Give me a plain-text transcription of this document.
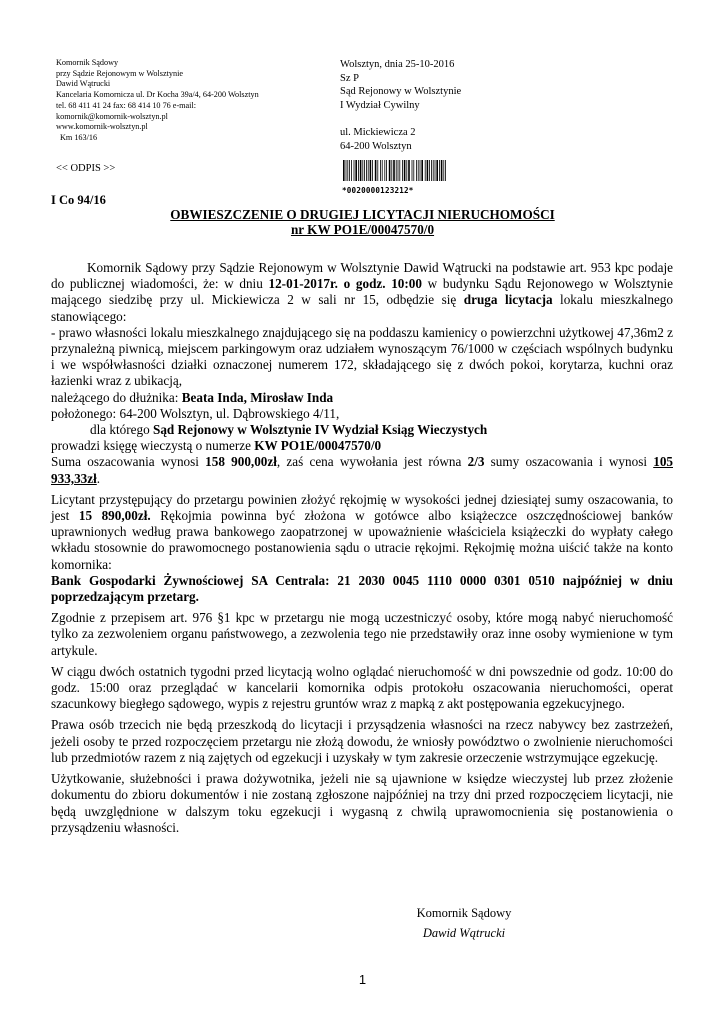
Komornik Sądowy
przy Sądzie Rejonowym w Wolsztynie
Dawid Wątrucki
Kancelaria Komornicza ul. Dr Kocha 39a/4, 64-200 Wolsztyn
tel. 68 411 41 24 fax: 68 414 10 76 e-mail:
komornik@komornik-wolsztyn.pl
www.komornik-wolsztyn.pl
Km 163/16
<< ODPIS >>
Wolsztyn, dnia 25-10-2016
Sz P
Sąd Rejonowy w Wolsztynie
I Wydział Cywilny
ul. Mickiewicza 2
64-200 Wolsztyn
*0020000123212*
I Co 94/16
OBWIESZCZENIE O DRUGIEJ LICYTACJI NIERUCHOMOŚCI
nr KW PO1E/00047570/0

Komornik Sądowy przy Sądzie Rejonowym w Wolsztynie Dawid Wątrucki na podstawie art. 953 kpc podaje do publicznej wiadomości, że: w dniu 12-01-2017r. o godz. 10:00 w budynku Sądu Rejonowego w Wolsztynie mającego siedzibę przy ul. Mickiewicza 2 w sali nr 15, odbędzie się druga licytacja lokalu mieszkalnego stanowiącego:

- prawo własności lokalu mieszkalnego znajdującego się na poddaszu kamienicy o powierzchni użytkowej 47,36m2 z przynależną piwnicą, miejscem parkingowym oraz udziałem wynoszącym 76/1000 w częściach wspólnych budynku i we współwłasności działki oznaczonej numerem 172, składającego się z dwóch pokoi, korytarza, kuchni oraz łazienki wraz z ubikacją,

należącego do dłużnika: Beata Inda, Mirosław Inda

położonego: 64-200 Wolsztyn, ul. Dąbrowskiego 4/11,

dla którego Sąd Rejonowy w Wolsztynie IV Wydział Ksiąg Wieczystych

prowadzi księgę wieczystą o numerze KW PO1E/00047570/0

Suma oszacowania wynosi 158 900,00zł, zaś cena wywołania jest równa 2/3 sumy oszacowania i wynosi 105 933,33zł.

Licytant przystępujący do przetargu powinien złożyć rękojmię w wysokości jednej dziesiątej sumy oszacowania, to jest 15 890,00zł. Rękojmia powinna być złożona w gotówce albo książeczce oszczędnościowej banków uprawnionych według prawa bankowego zaopatrzonej w upoważnienie właściciela książeczki do wypłaty całego wkładu stosownie do prawomocnego postanowienia sądu o utracie rękojmi. Rękojmię można uiścić także na konto komornika:

Bank Gospodarki Żywnościowej SA Centrala: 21 2030 0045 1110 0000 0301 0510 najpóźniej w dniu poprzedzającym przetarg.

Zgodnie z przepisem art. 976 §1 kpc w przetargu nie mogą uczestniczyć osoby, które mogą nabyć nieruchomość tylko za zezwoleniem organu państwowego, a zezwolenia tego nie przedstawiły oraz inne osoby wymienione w tym artykule.

W ciągu dwóch ostatnich tygodni przed licytacją wolno oglądać nieruchomość w dni powszednie od godz. 10:00 do godz. 15:00 oraz przeglądać w kancelarii komornika odpis protokołu oszacowania nieruchomości, operat szacunkowy biegłego sądowego, wypis z rejestru gruntów wraz z mapką z akt postępowania egzekucyjnego.

Prawa osób trzecich nie będą przeszkodą do licytacji i przysądzenia własności na rzecz nabywcy bez zastrzeżeń, jeżeli osoby te przed rozpoczęciem przetargu nie złożą dowodu, że wniosły powództwo o zwolnienie nieruchomości lub przedmiotów razem z nią zajętych od egzekucji i uzyskały w tym zakresie orzeczenie wstrzymujące egzekucję.

Użytkowanie, służebności i prawa dożywotnika, jeżeli nie są ujawnione w księdze wieczystej lub przez złożenie dokumentu do zbioru dokumentów i nie zostaną zgłoszone najpóźniej na trzy dni przed rozpoczęciem licytacji, nie będą uwzględnione w dalszym toku egzekucji i wygasną z chwilą uprawomocnienia się postanowienia o przysądzeniu własności.

Komornik Sądowy
Dawid Wątrucki
1
